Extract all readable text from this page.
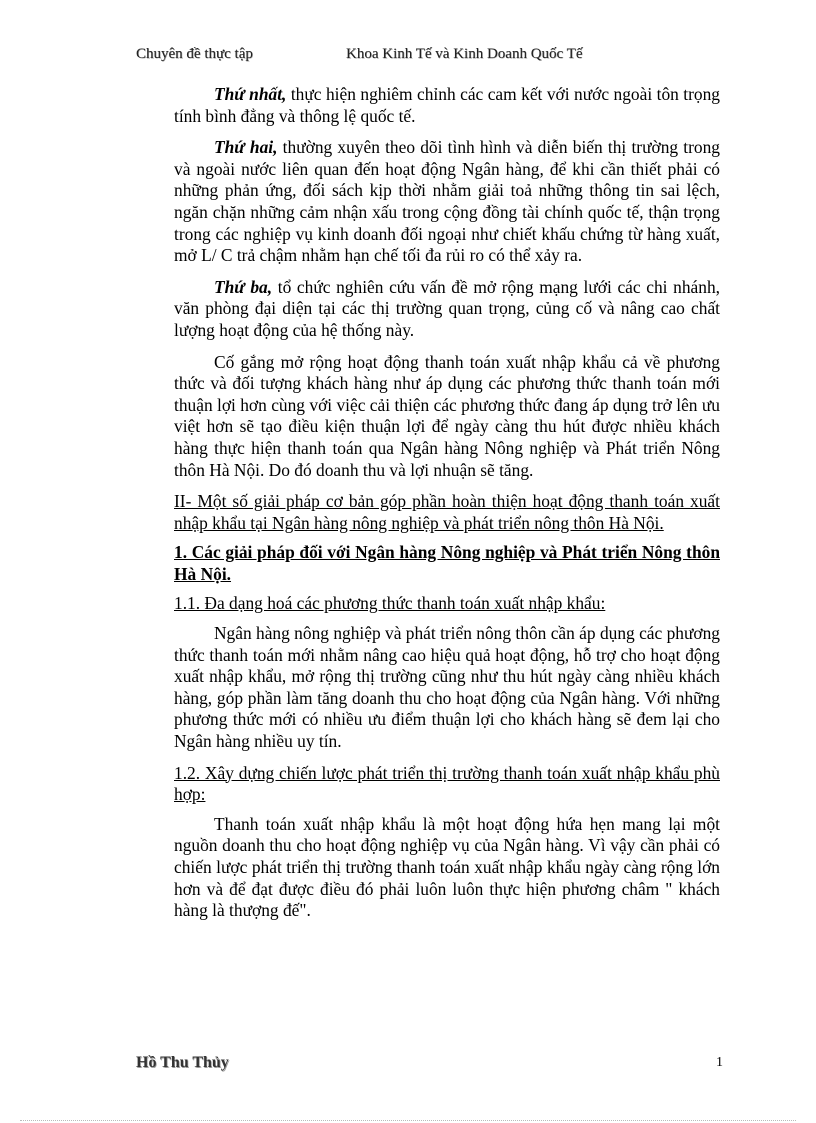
Chuyên đề thực tập	Khoa Kinh Tế và Kinh Doanh Quốc Tế

Thứ nhất, thực hiện nghiêm chỉnh các cam kết với nước ngoài tôn trọng tính bình đẳng và thông lệ quốc tế.

Thứ hai, thường xuyên theo dõi tình hình và diễn biến thị trường trong và ngoài nước liên quan đến hoạt động Ngân hàng, để khi cần thiết phải có những phản ứng, đối sách kịp thời nhằm giải toả những thông tin sai lệch, ngăn chặn những cảm nhận xấu trong cộng đồng tài chính quốc tế, thận trọng trong các nghiệp vụ kinh doanh đối ngoại như chiết khấu chứng từ hàng xuất, mở L/ C trả chậm nhằm hạn chế tối đa rủi ro có thể xảy ra.

Thứ ba, tổ chức nghiên cứu vấn đề mở rộng mạng lưới các chi nhánh, văn phòng đại diện tại các thị trường quan trọng, củng cố và nâng cao chất lượng hoạt động của hệ thống này.

Cố gắng mở rộng hoạt động thanh toán xuất nhập khẩu cả về phương thức và đối tượng khách hàng như áp dụng các phương thức thanh toán mới thuận lợi hơn cùng với việc cải thiện các phương thức đang áp dụng trở lên ưu việt hơn sẽ tạo điều kiện thuận lợi để ngày càng thu hút được nhiều khách hàng thực hiện thanh toán qua Ngân hàng Nông nghiệp và Phát triển Nông thôn Hà Nội. Do đó doanh thu và lợi nhuận sẽ tăng.

II- Một số giải pháp cơ bản góp phần hoàn thiện hoạt động thanh toán xuất nhập khẩu tại Ngân hàng nông nghiệp và phát triển nông thôn Hà Nội.

1. Các giải pháp đối với Ngân hàng Nông nghiệp và Phát triển Nông thôn Hà Nội.

1.1. Đa dạng hoá các phương thức thanh toán xuất nhập khẩu:

Ngân hàng nông nghiệp và phát triển nông thôn cần áp dụng các phương thức thanh toán mới nhằm nâng cao hiệu quả hoạt động, hỗ trợ cho hoạt động xuất nhập khẩu, mở rộng thị trường cũng như thu hút ngày càng nhiều khách hàng, góp phần làm tăng doanh thu cho hoạt động của Ngân hàng. Với những phương thức mới có nhiều ưu điểm thuận lợi cho khách hàng sẽ đem lại cho Ngân hàng nhiều uy tín.

1.2. Xây dựng chiến lược phát triển thị trường thanh toán xuất nhập khẩu phù hợp:

Thanh toán xuất nhập khẩu là một hoạt động hứa hẹn mang lại một nguồn doanh thu cho hoạt động nghiệp vụ của Ngân hàng. Vì vậy cần phải có chiến lược phát triển thị trường thanh toán xuất nhập khẩu ngày càng rộng lớn hơn và để đạt được điều đó phải luôn luôn thực hiện phương châm " khách hàng là thượng đế".

Hồ Thu Thủy	1
